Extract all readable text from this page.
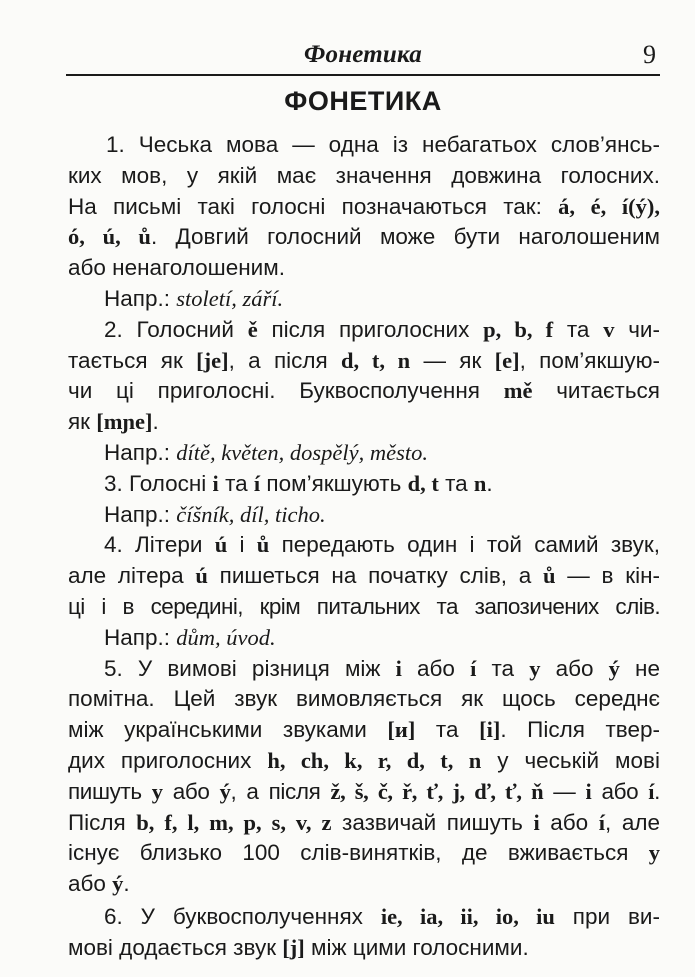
Фонетика	9
ФОНЕТИКА
1. Чеська мова — одна із небагатьох слов’янсь-
ких мов, у якій має значення довжина голосних.
На письмі такі голосні позначаються так: á, é, í(ý),
ó, ú, ů. Довгий голосний може бути наголошеним
або ненаголошеним.
Напр.: století, září.
2. Голосний ě після приголосних p, b, f та v чи-
тається як [je], а після d, t, n — як [e], пом’якшую-
чи ці приголосні. Буквосполучення mě читається
як [mɲe].
Напр.: dítě, květen, dospělý, město.
3. Голосні i та í пом’якшують d, t та n.
Напр.: číšník, díl, ticho.
4. Літери ú і ů передають один і той самий звук,
але літера ú пишеться на початку слів, а ů — в кін-
ці і в середині, крім питальних та запозичених слів.
Напр.: dům, úvod.
5. У вимові різниця між i або í та y або ý не
помітна. Цей звук вимовляється як щось середнє
між українськими звуками [и] та [і]. Після твер-
дих приголосних h, ch, k, r, d, t, n у чеській мові
пишуть y або ý, а після ž, š, č, ř, ť, j, ď, ť, ň — i або í.
Після b, f, l, m, p, s, v, z зазвичай пишуть i або í, але
існує близько 100 слів-винятків, де вживається y
або ý.
6. У буквосполученнях ie, ia, ii, io, iu при ви-
мові додається звук [j] між цими голосними.
